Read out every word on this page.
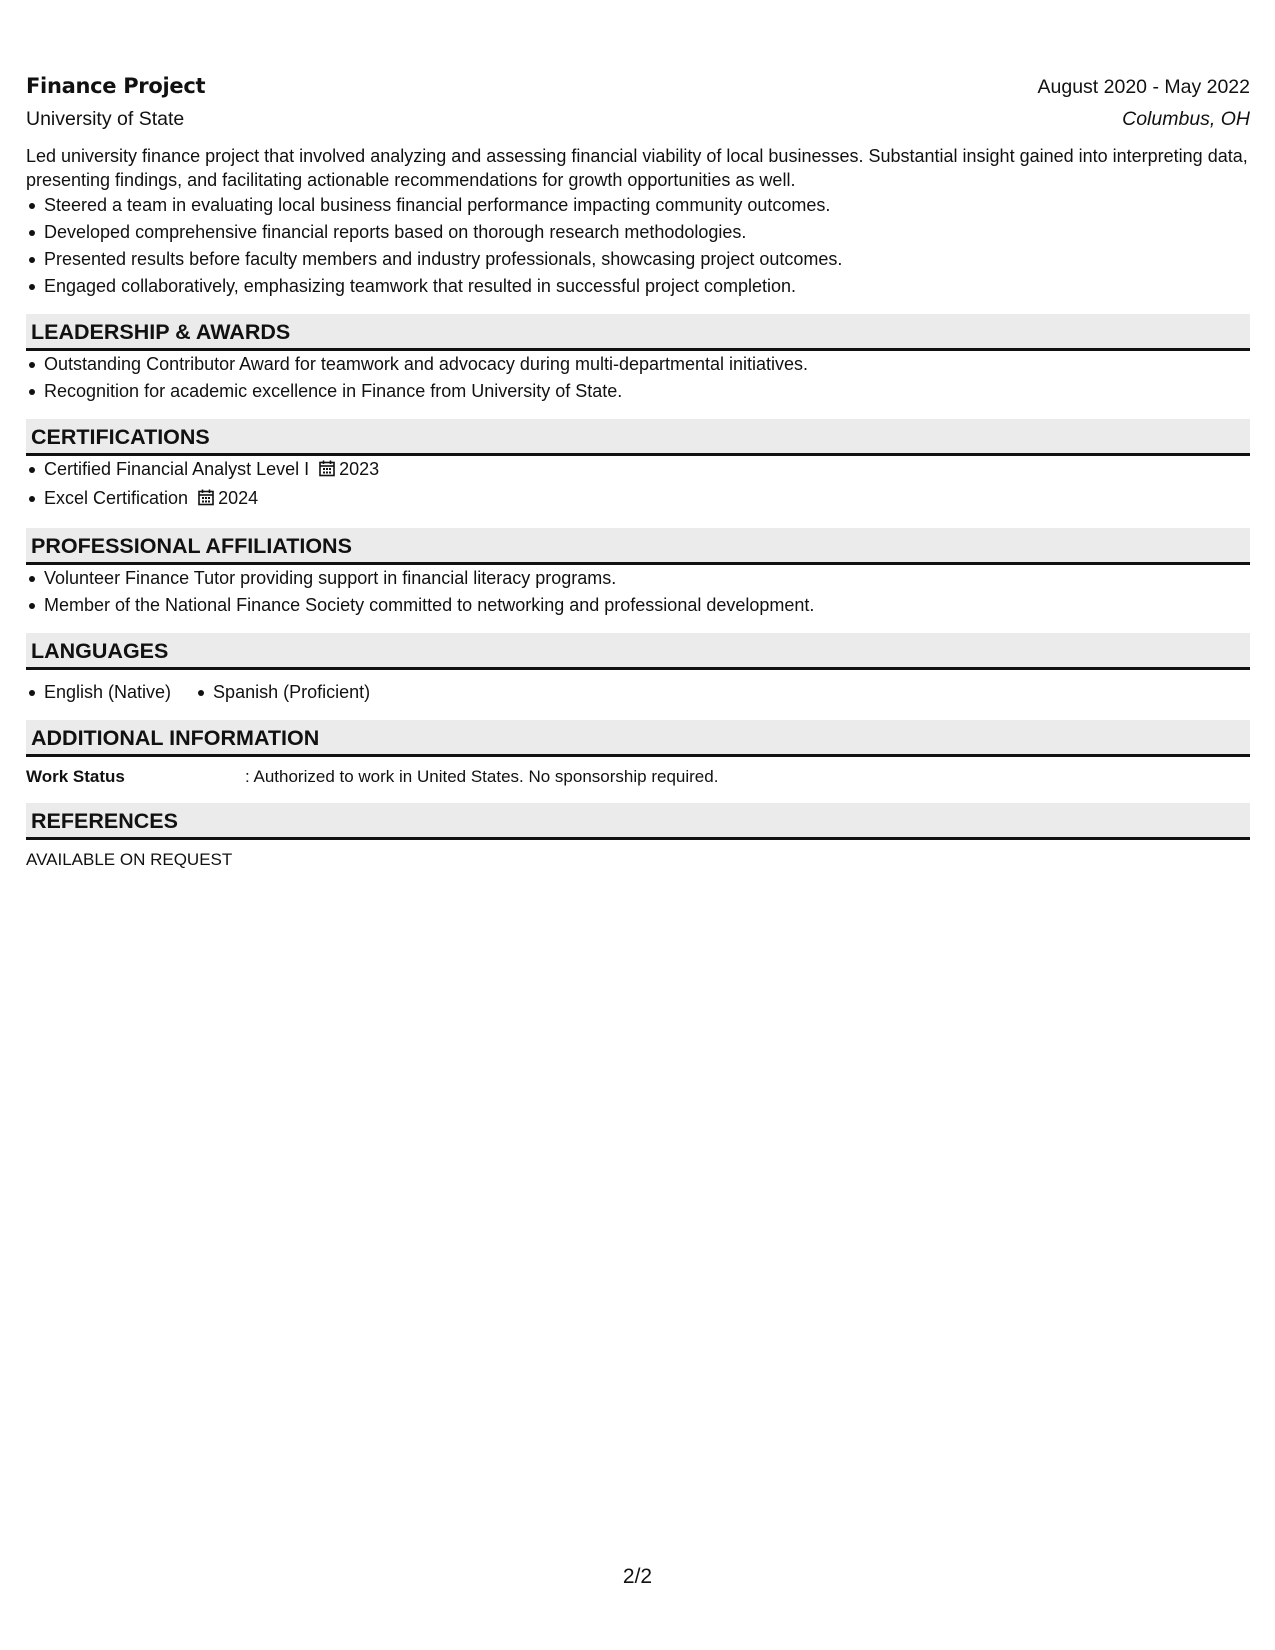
Finance Project	August 2020 - May 2022
University of State	Columbus, OH

Led university finance project that involved analyzing and assessing financial viability of local businesses. Substantial insight gained into interpreting data, presenting findings, and facilitating actionable recommendations for growth opportunities as well.

Steered a team in evaluating local business financial performance impacting community outcomes.
Developed comprehensive financial reports based on thorough research methodologies.
Presented results before faculty members and industry professionals, showcasing project outcomes.
Engaged collaboratively, emphasizing teamwork that resulted in successful project completion.
LEADERSHIP & AWARDS
Outstanding Contributor Award for teamwork and advocacy during multi-departmental initiatives.
Recognition for academic excellence in Finance from University of State.
CERTIFICATIONS
Certified Financial Analyst Level I 2023
Excel Certification 2024
PROFESSIONAL AFFILIATIONS
Volunteer Finance Tutor providing support in financial literacy programs.
Member of the National Finance Society committed to networking and professional development.
LANGUAGES
English (Native)	Spanish (Proficient)
ADDITIONAL INFORMATION
Work Status	: Authorized to work in United States. No sponsorship required.
REFERENCES
AVAILABLE ON REQUEST
2/2
